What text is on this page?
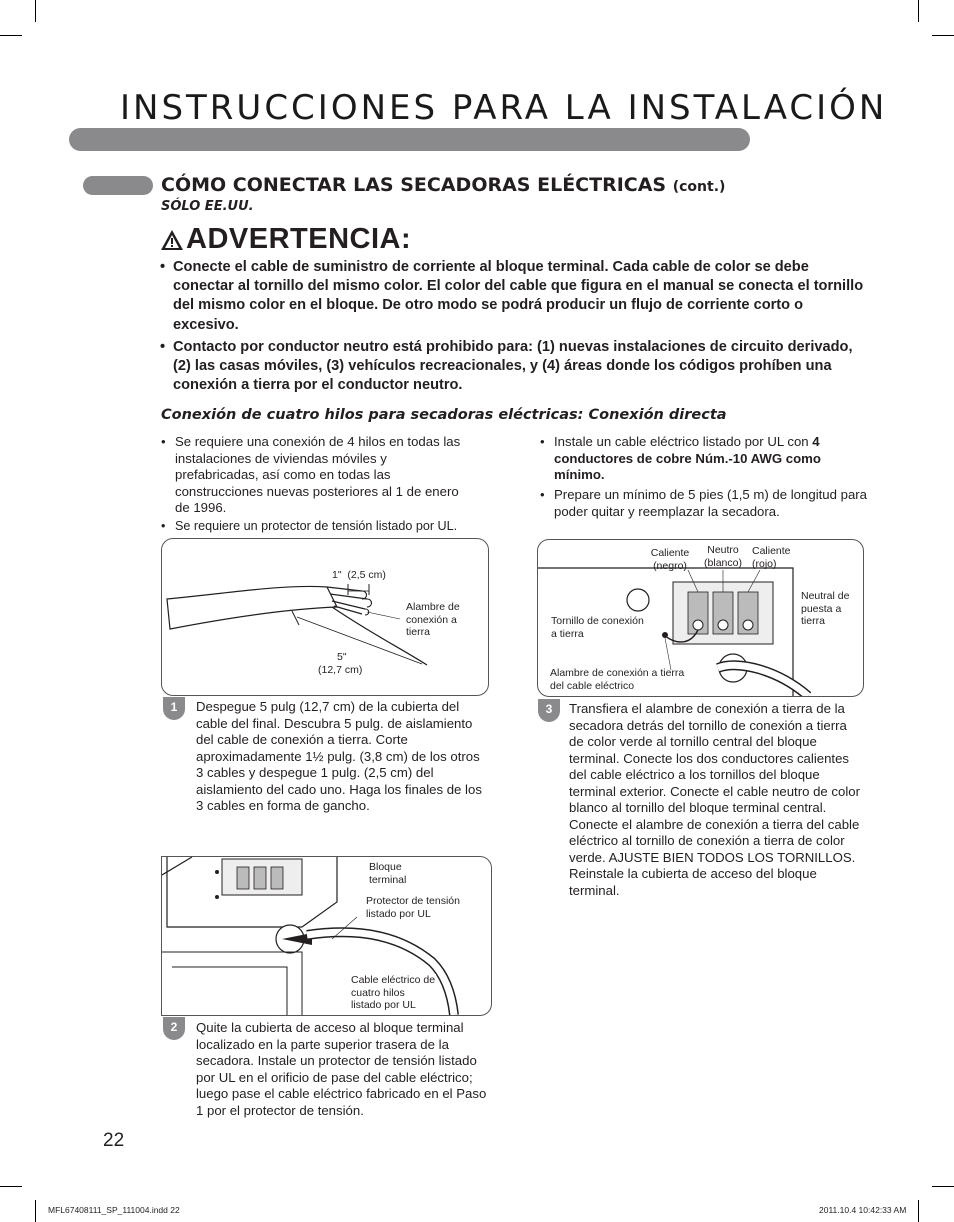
INSTRUCCIONES PARA LA INSTALACIÓN
CÓMO CONECTAR LAS SECADORAS ELÉCTRICAS (cont.)
SÓLO EE.UU.
ADVERTENCIA:
• Conecte el cable de suministro de corriente al bloque terminal. Cada cable de color se debe conectar al tornillo del mismo color. El color del cable que figura en el manual se conecta el tornillo del mismo color en el bloque. De otro modo se podrá producir un flujo de corriente corto o excesivo.
• Contacto por conductor neutro está prohibido para: (1) nuevas instalaciones de circuito derivado, (2) las casas móviles, (3) vehículos recreacionales, y (4) áreas donde los códigos prohíben una conexión a tierra por el conductor neutro.
Conexión de cuatro hilos para secadoras eléctricas: Conexión directa
• Se requiere una conexión de 4 hilos en todas las instalaciones de viviendas móviles y prefabricadas, así como en todas las construcciones nuevas posteriores al 1 de enero de 1996.
• Se requiere un protector de tensión listado por UL.
• Instale un cable eléctrico listado por UL con 4 conductores de cobre Núm.-10 AWG como mínimo.
• Prepare un mínimo de 5 pies (1,5 m) de longitud para poder quitar y reemplazar la secadora.
1" (2,5 cm)
Alambre de conexión a tierra
5"
(12,7 cm)
1	Despegue 5 pulg (12,7 cm) de la cubierta del cable del final. Descubra 5 pulg. de aislamiento del cable de conexión a tierra. Corte aproximadamente 1½ pulg. (3,8 cm) de los otros 3 cables y despegue 1 pulg. (2,5 cm) del aislamiento del cado uno. Haga los finales de los 3 cables en forma de gancho.
Bloque terminal
Protector de tensión listado por UL
Cable eléctrico de cuatro hilos listado por UL
2	Quite la cubierta de acceso al bloque terminal localizado en la parte superior trasera de la secadora. Instale un protector de tensión listado por UL en el orificio de pase del cable eléctrico; luego pase el cable eléctrico fabricado en el Paso 1 por el protector de tensión.
Caliente (negro)
Neutro (blanco)
Caliente (rojo)
Neutral de puesta a tierra
Tornillo de conexión a tierra
Alambre de conexión a tierra del cable eléctrico
3	Transfiera el alambre de conexión a tierra de la secadora detrás del tornillo de conexión a tierra de color verde al tornillo central del bloque terminal. Conecte los dos conductores calientes del cable eléctrico a los tornillos del bloque terminal exterior. Conecte el cable neutro de color blanco al tornillo del bloque terminal central. Conecte el alambre de conexión a tierra del cable eléctrico al tornillo de conexión a tierra de color verde. AJUSTE BIEN TODOS LOS TORNILLOS. Reinstale la cubierta de acceso del bloque terminal.
22
MFL67408111_SP_111004.indd 22	2011.10.4 10:42:33 AM
